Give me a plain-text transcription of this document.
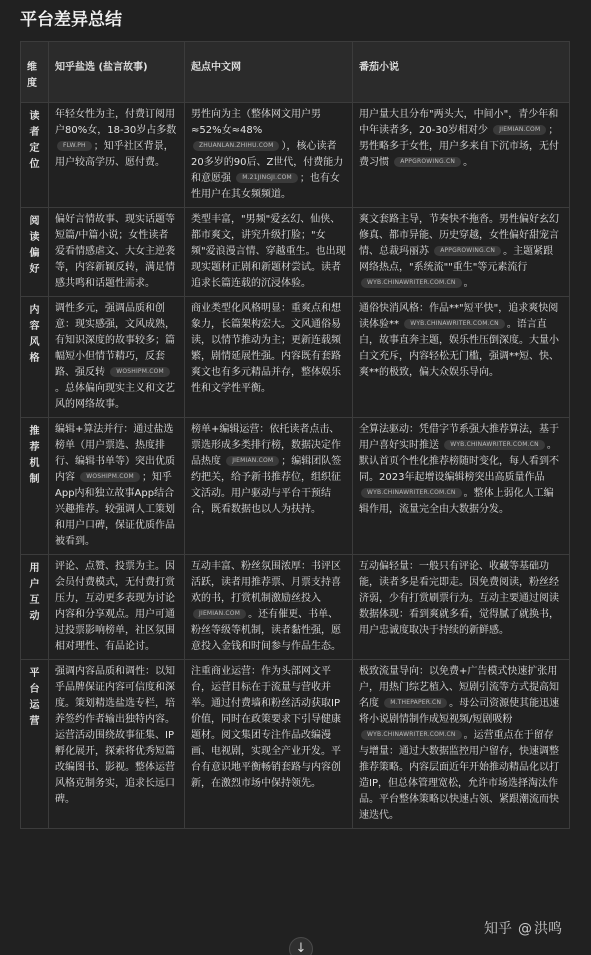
平台差异总结
维度	知乎盐选 (盐言故事)	起点中文网	番茄小说
读者定位	年轻女性为主，付费订阅用户80%女，18-30岁占多数 FLW.PH ；知乎社区背景，用户较高学历、愿付费。	男性向为主（整体网文用户男≈52%女≈48% ZHUANLAN.ZHIHU.COM ），核心读者20多岁的90后、Z世代，付费能力和意愿强 M.21JINGJI.COM ；也有女性用户在其女频频道。	用户量大且分布"两头大，中间小"，青少年和中年读者多，20-30岁相对少 JIEMIAN.COM ；男性略多于女性，用户多来自下沉市场，无付费习惯 APPGROWING.CN 。
阅读偏好	偏好言情故事、现实话题等短篇/中篇小说；女性读者爱看情感虐文、大女主逆袭等，内容新颖反转，满足情感共鸣和话题性需求。	类型丰富，"男频"爱玄幻、仙侠、都市爽文，讲究升级打脸；"女频"爱浪漫言情、穿越重生。也出现现实题材正剧和新题材尝试。读者追求长篇连载的沉浸体验。	爽文套路主导，节奏快不拖沓。男性偏好玄幻修真、都市异能、历史穿越，女性偏好甜宠言情、总裁玛丽苏 APPGROWING.CN 。主题紧跟网络热点，"系统流""重生"等元素流行 WYB.CHINAWRITER.COM.CN 。
内容风格	调性多元，强调品质和创意：现实感强，文风成熟，有知识深度的故事较多；篇幅短小但情节精巧，反套路、强反转 WOSHIPM.COM。总体偏向现实主义和文艺风的网络故事。	商业类型化风格明显：重爽点和想象力，长篇架构宏大。文风通俗易读，以情节推动为主；更新连载频繁，剧情延展性强。内容既有套路爽文也有多元精品并存，整体娱乐性和文学性平衡。	通俗快消风格：作品**"短平快"，追求爽快阅读体验** WYB.CHINAWRITER.COM.CN 。语言直白，故事直奔主题，娱乐性压倒深度。大量小白文充斥，内容轻松无门槛，强调**短、快、爽**的极致，偏大众娱乐导向。
推荐机制	编辑+算法并行：通过盐选榜单（用户票选、热度排行、编辑书单等）突出优质内容 WOSHIPM.COM ；知乎App内和独立故事App结合兴趣推荐。较强调人工策划和用户口碑，保证优质作品被看到。	榜单+编辑运营：依托读者点击、票选形成多类排行榜，数据决定作品热度 JIEMIAN.COM ；编辑团队签约把关，给予新书推荐位，组织征文活动。用户驱动与平台干预结合，既看数据也以人为扶持。	全算法驱动：凭借字节系强大推荐算法，基于用户喜好实时推送 WYB.CHINAWRITER.COM.CN 。默认首页个性化推荐榜随时变化，每人看到不同。2023年起增设编辑榜突出高质量作品 WYB.CHINAWRITER.COM.CN 。整体上弱化人工编辑作用，流量完全由大数据分发。
用户互动	评论、点赞、投票为主。因会员付费模式，无付费打赏压力，互动更多表现为讨论内容和分享观点。用户可通过投票影响榜单，社区氛围相对理性、有品论讨。	互动丰富、粉丝氛围浓厚：书评区活跃，读者用推荐票、月票支持喜欢的书，打赏机制激励丝投入 JIEMIAN.COM 。还有催更、书单、粉丝等级等机制，读者黏性强，愿意投入金钱和时间参与作品生态。	互动偏轻量：一般只有评论、收藏等基础功能，读者多是看完即走。因免费阅读，粉丝经济弱，少有打赏刷票行为。互动主要通过阅读数据体现：看到爽就多看，觉得腻了就换书，用户忠诚度取决于持续的新鲜感。
平台运营	强调内容品质和调性：以知乎品牌保证内容可信度和深度。策划精选盐选专栏，培养签约作者输出独特内容。运营活动围绕故事征集、IP孵化展开，探索将优秀短篇改编图书、影视。整体运营风格克制务实，追求长远口碑。	注重商业运营：作为头部网文平台，运营目标在于流量与营收并举。通过付费墙和粉丝活动获取IP价值，同时在政策要求下引导健康题材。阅文集团专注作品改编漫画、电视剧，实现全产业开发。平台有意识地平衡畅销套路与内容创新，在激烈市场中保持领先。	极致流量导向：以免费+广告模式快速扩张用户，用热门综艺植入、短剧引流等方式提高知名度 M.THEPAPER.CN 。母公司资源使其能迅速将小说剧情制作成短视频/短剧吸粉 WYB.CHINAWRITER.COM.CN 。运营重点在于留存与增量：通过大数据监控用户留存，快速调整推荐策略。内容层面近年开始推动精品化以打造IP，但总体管理宽松，允许市场选择淘汰作品。平台整体策略以快速占领、紧跟潮流而快速迭代。
↓
知乎 @ 洪鸣
